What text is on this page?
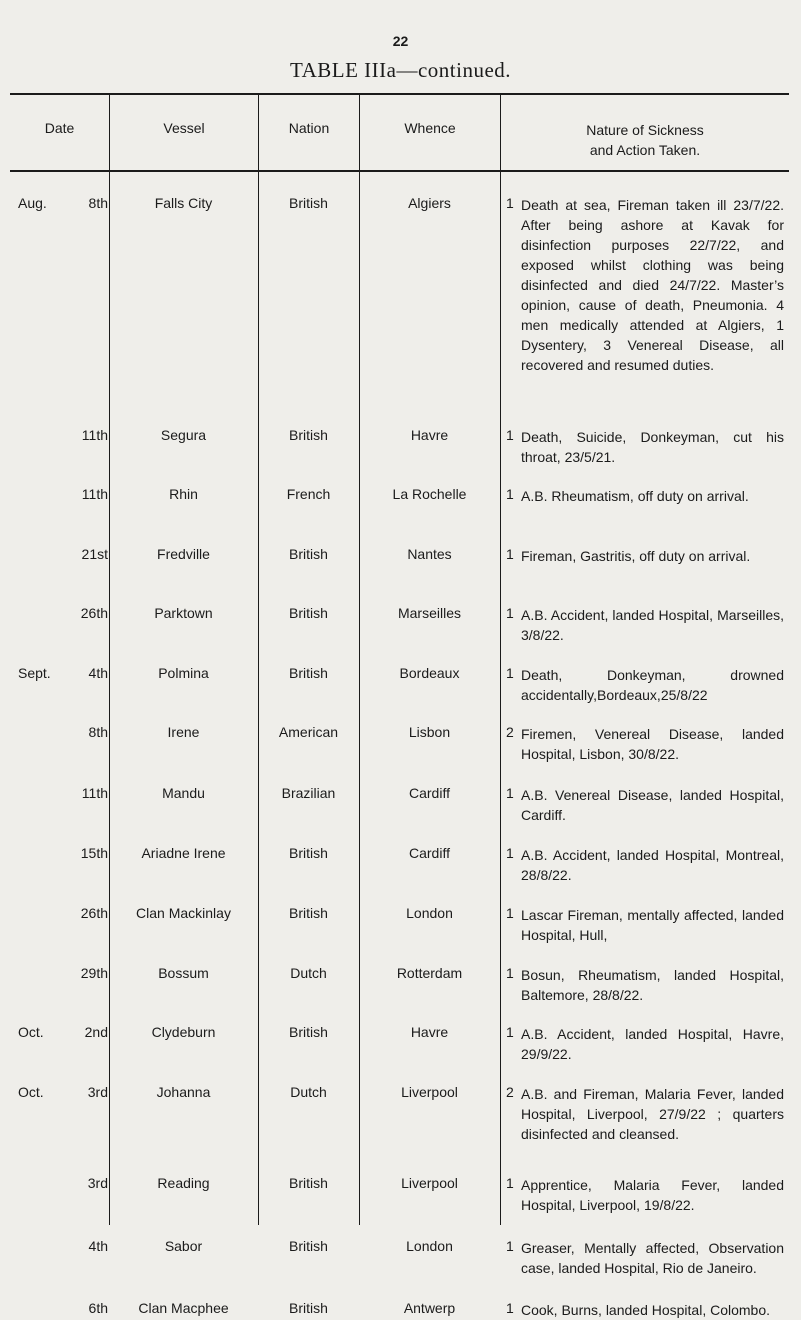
22
TABLE IIIa—continued.
Date	Vessel	Nation	Whence	Nature of Sickness
and Action Taken.
Aug.	8th	Falls City	British	Algiers	1 Death at sea, Fireman taken ill 23/7/22. After being ashore at Kavak for disinfection purposes 22/7/22, and exposed whilst clothing was being disinfected and died 24/7/22. Master’s opinion, cause of death, Pneumonia. 4 men medically attended at Algiers, 1 Dysentery, 3 Venereal Disease, all recovered and resumed duties.
11th	Segura	British	Havre	1 Death, Suicide, Donkeyman, cut his throat, 23/5/21.
11th	Rhin	French	La Rochelle	1 A.B. Rheumatism, off duty on arrival.
21st	Fredville	British	Nantes	1 Fireman, Gastritis, off duty on arrival.
26th	Parktown	British	Marseilles	1 A.B. Accident, landed Hospital, Marseilles, 3/8/22.
Sept.	4th	Polmina	British	Bordeaux	1 Death, Donkeyman, drowned accidentally,Bordeaux,25/8/22
8th	Irene	American	Lisbon	2 Firemen, Venereal Disease, landed Hospital, Lisbon, 30/8/22.
11th	Mandu	Brazilian	Cardiff	1 A.B. Venereal Disease, landed Hospital, Cardiff.
15th	Ariadne Irene	British	Cardiff	1 A.B. Accident, landed Hospital, Montreal, 28/8/22.
26th	Clan Mackinlay	British	London	1 Lascar Fireman, mentally affected, landed Hospital, Hull,
29th	Bossum	Dutch	Rotterdam	1 Bosun, Rheumatism, landed Hospital, Baltemore, 28/8/22.
Oct.	2nd	Clydeburn	British	Havre	1 A.B. Accident, landed Hospital, Havre, 29/9/22.
Oct.	3rd	Johanna	Dutch	Liverpool	2 A.B. and Fireman, Malaria Fever, landed Hospital, Liverpool, 27/9/22 ; quarters disinfected and cleansed.
3rd	Reading	British	Liverpool	1 Apprentice, Malaria Fever, landed Hospital, Liverpool, 19/8/22.
4th	Sabor	British	London	1 Greaser, Mentally affected, Observation case, landed Hospital, Rio de Janeiro.
6th	Clan Macphee	British	Antwerp	1 Cook, Burns, landed Hospital, Colombo.
